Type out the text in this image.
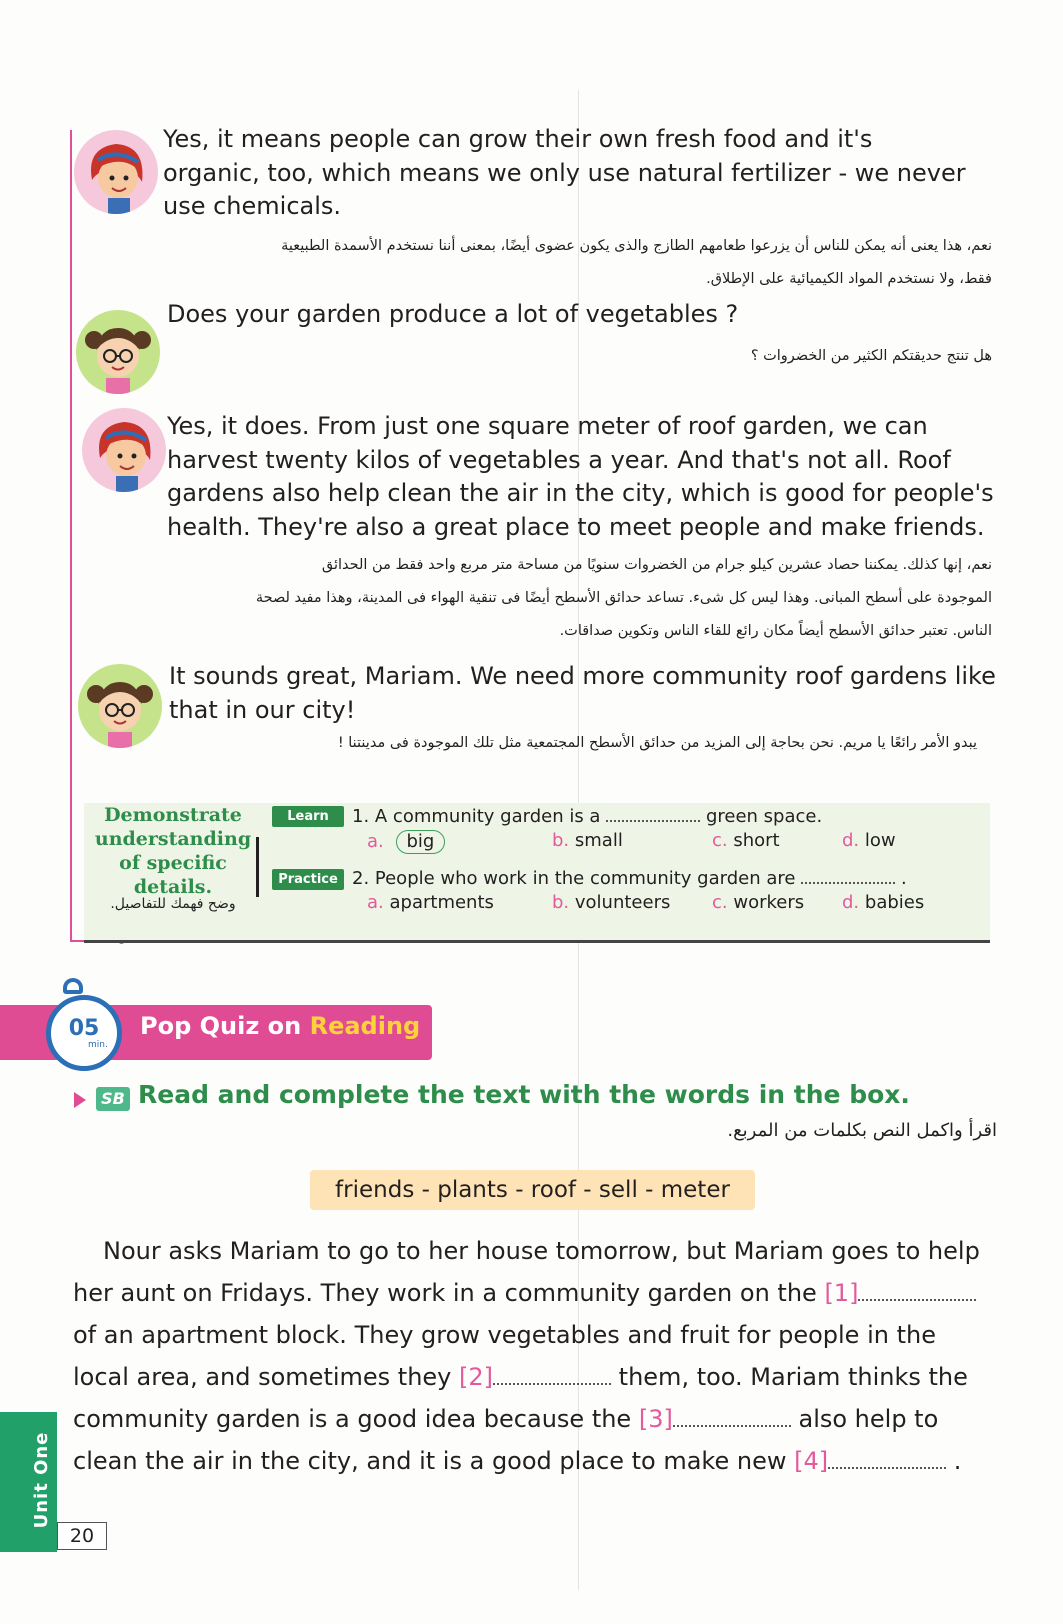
Yes, it means people can grow their own fresh food and it's
organic, too, which means we only use natural fertilizer - we never
use chemicals.
نعم، هذا يعنى أنه يمكن للناس أن يزرعوا طعامهم الطازج والذى يكون عضوى أيضًا، بمعنى أننا نستخدم الأسمدة الطبيعية
فقط، ولا نستخدم المواد الكيميائية على الإطلاق.
Does your garden produce a lot of vegetables ?
هل تنتج حديقتكم الكثير من الخضروات ؟
Yes, it does. From just one square meter of roof garden, we can
harvest twenty kilos of vegetables a year. And that's not all. Roof
gardens also help clean the air in the city, which is good for people's
health. They're also a great place to meet people and make friends.
نعم، إنها كذلك. يمكننا حصاد عشرين كيلو جرام من الخضروات سنويًا من مساحة متر مربع واحد فقط من الحدائق
الموجودة على أسطح المبانى. وهذا ليس كل شىء. تساعد حدائق الأسطح أيضًا فى تنقية الهواء فى المدينة، وهذا مفيد لصحة
الناس. تعتبر حدائق الأسطح أيضاً مكان رائع للقاء الناس وتكوين صداقات.
It sounds great, Mariam. We need more community roof gardens like
that in our city!
يبدو الأمر رائعًا يا مريم. نحن بحاجة إلى المزيد من حدائق الأسطح المجتمعية مثل تلك الموجودة فى مدينتنا !
Demonstrate
understanding
of specific
details.
وضح فهمك للتفاصيل.
Learn	1. A community garden is a	green space.
a. big	b. small	c. short	d. low
Practice 2. People who work in the community garden are	.
a. apartments	b. volunteers c. workers d. babies
05
min.
Pop Quiz on Reading
SB Read and complete the text with the words in the box.
اقرأ واكمل النص بكلمات من المربع.
friends - plants - roof - sell - meter
Nour asks Mariam to go to her house tomorrow, but Mariam goes to help
her aunt on Fridays. They work in a community garden on the [1]
of an apartment block. They grow vegetables and fruit for people in the
local area, and sometimes they [2]	them, too. Mariam thinks the
community garden is a good idea because the [3]	also help to
clean the air in the city, and it is a good place to make new [4]	.
Unit One
20
